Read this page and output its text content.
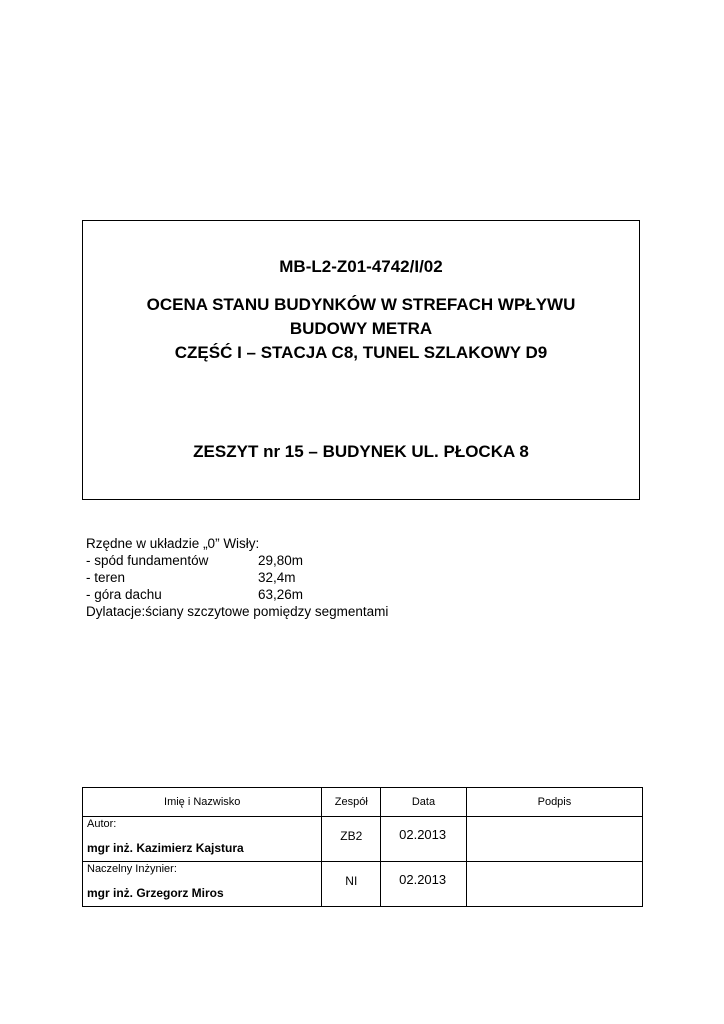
MB-L2-Z01-4742/I/02
OCENA STANU BUDYNKÓW W STREFACH WPŁYWU
BUDOWY METRA
CZĘŚĆ I – STACJA C8, TUNEL SZLAKOWY D9
ZESZYT nr 15 – BUDYNEK UL. PŁOCKA 8
Rzędne w układzie „0” Wisły:
- spód fundamentów	29,80m
- teren	32,4m
- góra dachu	63,26m
Dylatacje:ściany szczytowe pomiędzy segmentami
Imię i Nazwisko	Zespół	Data	Podpis

Autor:
mgr inż. Kazimierz Kajstura	ZB2	02.2013	

Naczelny Inżynier:
mgr inż. Grzegorz Miros	NI	02.2013	
